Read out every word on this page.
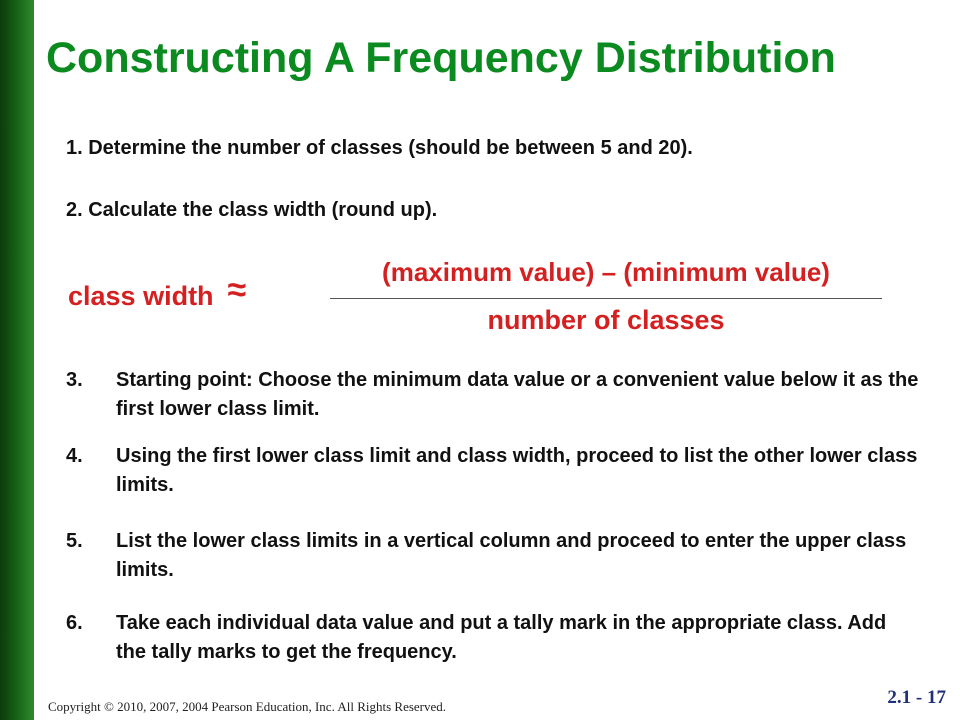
Constructing A Frequency Distribution
1. Determine the number of classes (should be between 5 and 20).
2. Calculate the class width (round up).
class width ≈	(maximum value) – (minimum value)
number of classes
3.	Starting point: Choose the minimum data value or a convenient value below it as the first lower class limit.
4.	Using the first lower class limit and class width, proceed to list the other lower class limits.
5.	List the lower class limits in a vertical column and proceed to enter the upper class limits.
6.	Take each individual data value and put a tally mark in the appropriate class. Add the tally marks to get the frequency.
Copyright © 2010, 2007, 2004 Pearson Education, Inc. All Rights Reserved.	2.1 - 17
